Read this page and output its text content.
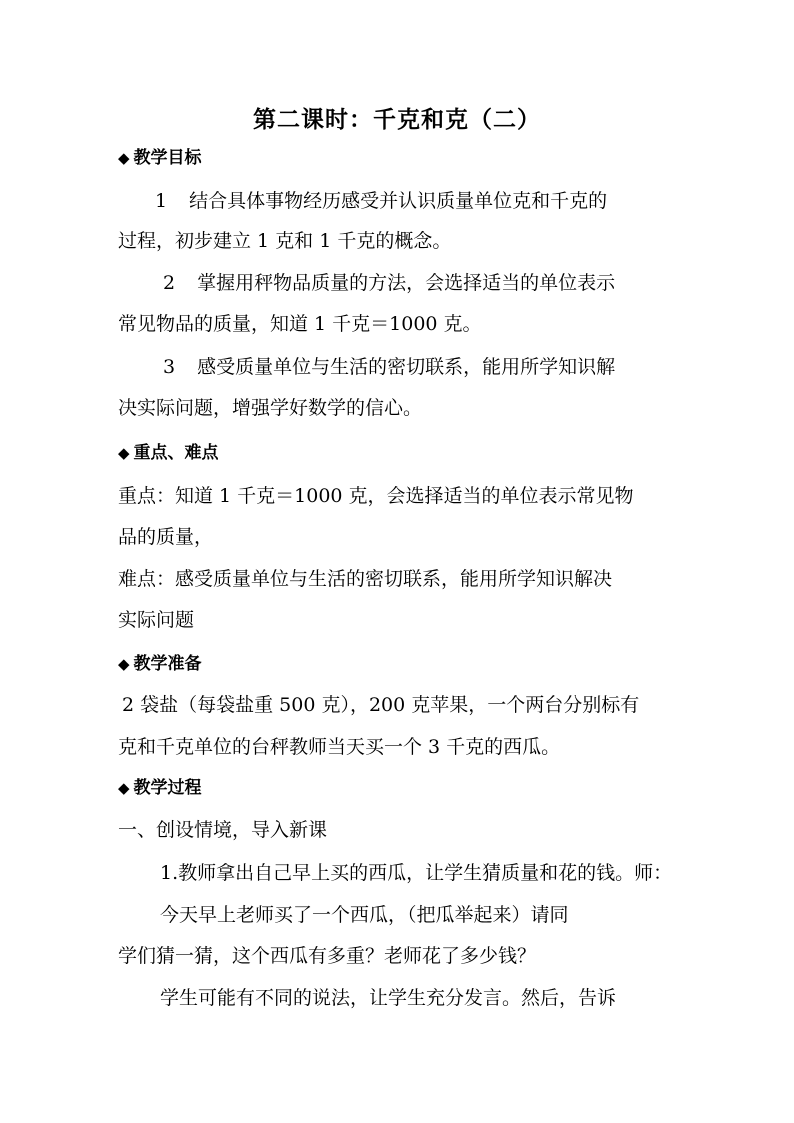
第二课时：千克和克（二）
◆ 教学目标
1 结合具体事物经历感受并认识质量单位克和千克的
过程，初步建立 1 克和 1 千克的概念。
2 掌握用秤物品质量的方法，会选择适当的单位表示
常见物品的质量，知道 1 千克＝1000 克。
3 感受质量单位与生活的密切联系，能用所学知识解
决实际问题，增强学好数学的信心。
◆ 重点、难点
重点：知道 1 千克＝1000 克，会选择适当的单位表示常见物
品的质量，
难点：感受质量单位与生活的密切联系，能用所学知识解决
实际问题
◆ 教学准备
2 袋盐（每袋盐重 500 克），200 克苹果，一个两台分别标有
克和千克单位的台秤教师当天买一个 3 千克的西瓜。
◆ 教学过程
一、创设情境，导入新课
1.教师拿出自己早上买的西瓜，让学生猜质量和花的钱。师：
今天早上老师买了一个西瓜，（把瓜举起来）请同
学们猜一猜，这个西瓜有多重？老师花了多少钱？
学生可能有不同的说法，让学生充分发言。然后，告诉
